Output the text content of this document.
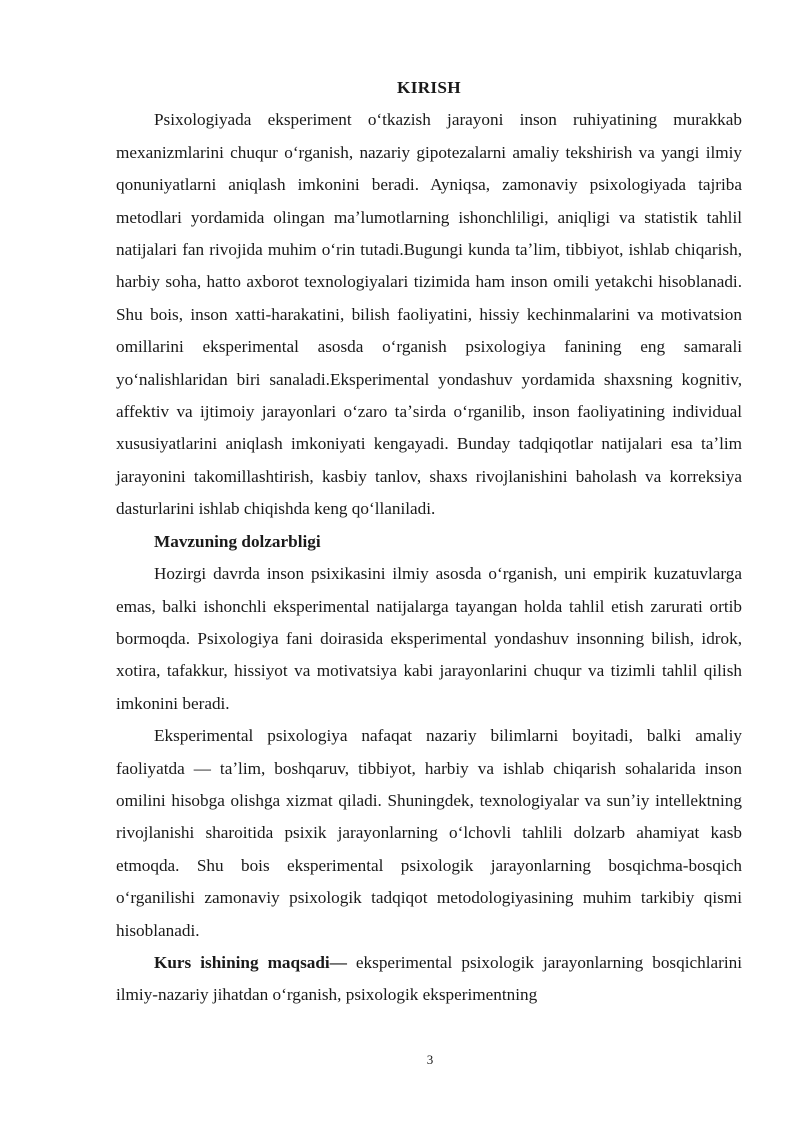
KIRISH

Psixologiyada eksperiment oʻtkazish jarayoni inson ruhiyatining murakkab mexanizmlarini chuqur oʻrganish, nazariy gipotezalarni amaliy tekshirish va yangi ilmiy qonuniyatlarni aniqlash imkonini beradi. Ayniqsa, zamonaviy psixologiyada tajriba metodlari yordamida olingan maʼlumotlarning ishonchliligi, aniqligi va statistik tahlil natijalari fan rivojida muhim oʻrin tutadi.Bugungi kunda taʼlim, tibbiyot, ishlab chiqarish, harbiy soha, hatto axborot texnologiyalari tizimida ham inson omili yetakchi hisoblanadi. Shu bois, inson xatti-harakatini, bilish faoliyatini, hissiy kechinmalarini va motivatsion omillarini eksperimental asosda oʻrganish psixologiya fanining eng samarali yoʻnalishlaridan biri sanaladi.Eksperimental yondashuv yordamida shaxsning kognitiv, affektiv va ijtimoiy jarayonlari oʻzaro taʼsirda oʻrganilib, inson faoliyatining individual xususiyatlarini aniqlash imkoniyati kengayadi. Bunday tadqiqotlar natijalari esa taʼlim jarayonini takomillashtirish, kasbiy tanlov, shaxs rivojlanishini baholash va korreksiya dasturlarini ishlab chiqishda keng qoʻllaniladi.

Mavzuning dolzarbligi

Hozirgi davrda inson psixikasini ilmiy asosda oʻrganish, uni empirik kuzatuvlarga emas, balki ishonchli eksperimental natijalarga tayangan holda tahlil etish zarurati ortib bormoqda. Psixologiya fani doirasida eksperimental yondashuv insonning bilish, idrok, xotira, tafakkur, hissiyot va motivatsiya kabi jarayonlarini chuqur va tizimli tahlil qilish imkonini beradi.

Eksperimental psixologiya nafaqat nazariy bilimlarni boyitadi, balki amaliy faoliyatda — taʼlim, boshqaruv, tibbiyot, harbiy va ishlab chiqarish sohalarida inson omilini hisobga olishga xizmat qiladi. Shuningdek, texnologiyalar va sunʼiy intellektning rivojlanishi sharoitida psixik jarayonlarning oʻlchovli tahlili dolzarb ahamiyat kasb etmoqda. Shu bois eksperimental psixologik jarayonlarning bosqichma-bosqich oʻrganilishi zamonaviy psixologik tadqiqot metodologiyasining muhim tarkibiy qismi hisoblanadi.

Kurs ishining maqsadi— eksperimental psixologik jarayonlarning bosqichlarini ilmiy-nazariy jihatdan oʻrganish, psixologik eksperimentning

3
